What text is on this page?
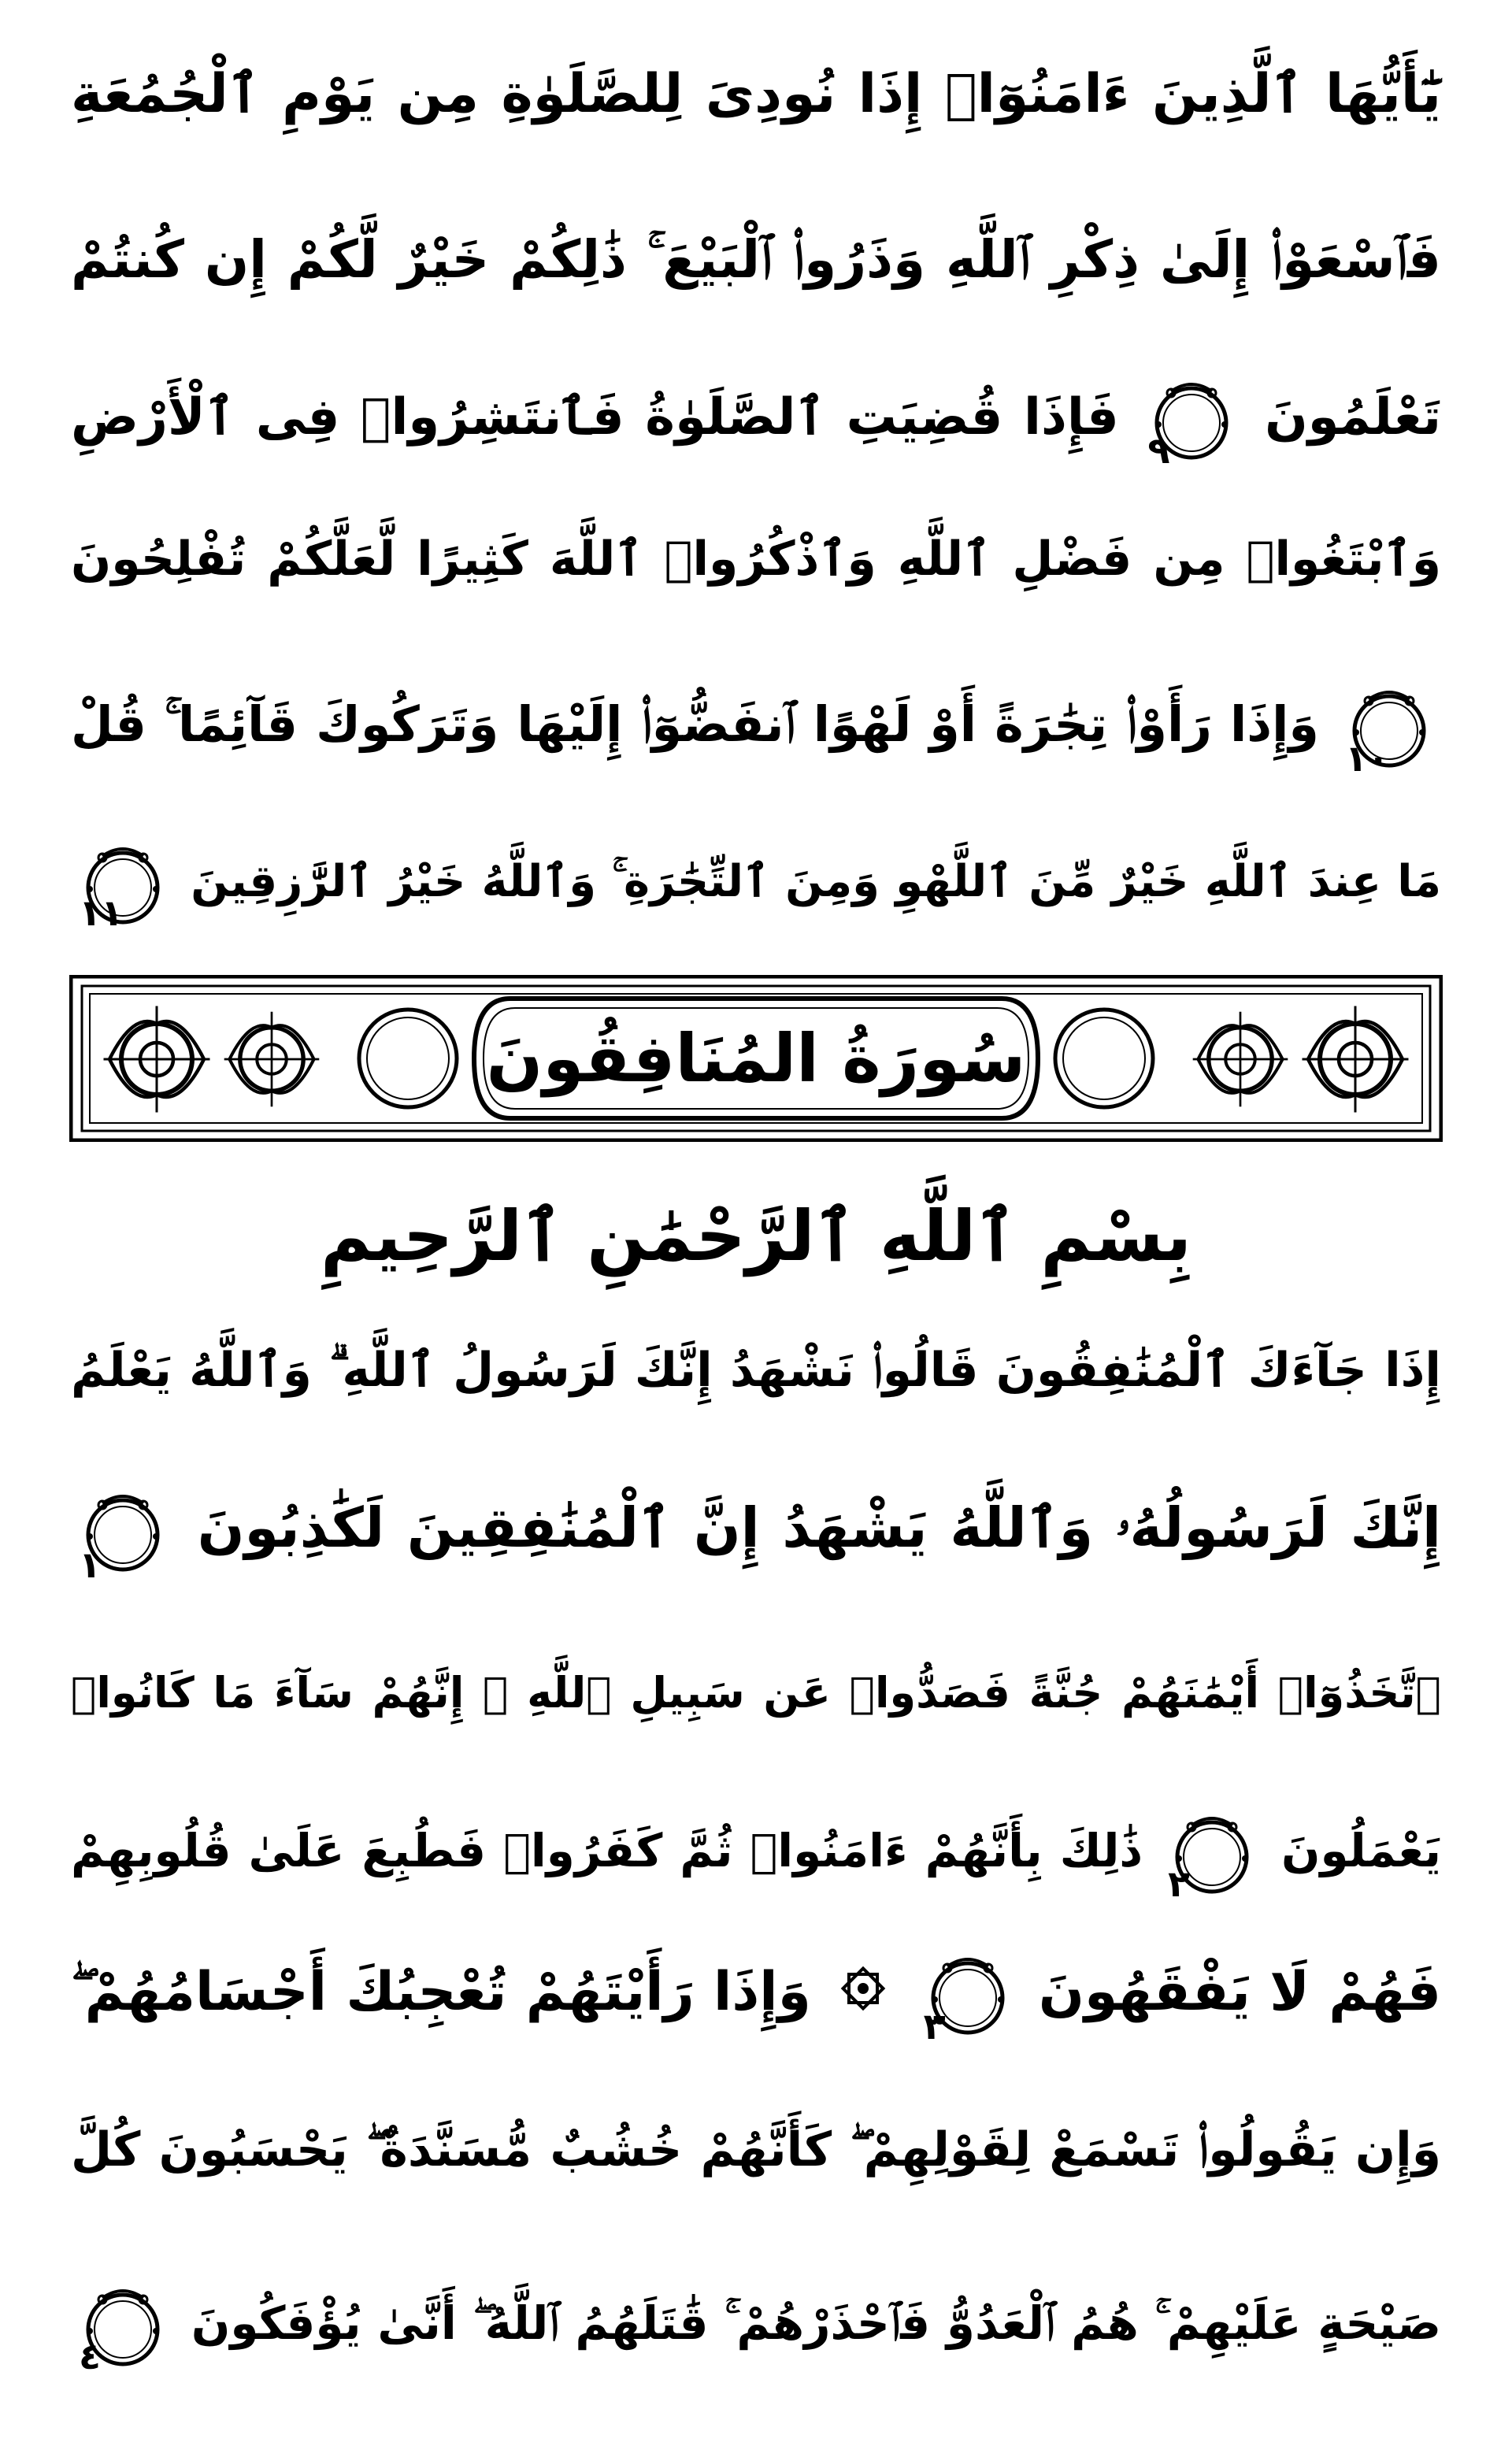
يَٰٓأَيُّهَا ٱلَّذِينَ ءَامَنُوٓا۟ إِذَا نُودِىَ لِلصَّلَوٰةِ مِن يَوْمِ ٱلْجُمُعَةِ
فَٱسْعَوْا۟ إِلَىٰ ذِكْرِ ٱللَّهِ وَذَرُوا۟ ٱلْبَيْعَ ۚ ذَٰلِكُمْ خَيْرٌ لَّكُمْ إِن كُنتُمْ
تَعْلَمُونَ
٩ فَإِذَا قُضِيَتِ ٱلصَّلَوٰةُ فَٱنتَشِرُوا۟ فِى ٱلْأَرْضِ
وَٱبْتَغُوا۟ مِن فَضْلِ ٱللَّهِ وَٱذْكُرُوا۟ ٱللَّهَ كَثِيرًا لَّعَلَّكُمْ تُفْلِحُونَ
١٠ وَإِذَا رَأَوْا۟ تِجَٰرَةً أَوْ لَهْوًا ٱنفَضُّوٓا۟ إِلَيْهَا وَتَرَكُوكَ قَآئِمًا ۚ قُلْ
مَا عِندَ ٱللَّهِ خَيْرٌ مِّنَ ٱللَّهْوِ وَمِنَ ٱلتِّجَٰرَةِ ۚ وَٱللَّهُ خَيْرُ ٱلرَّٰزِقِينَ
١١
سُورَةُ المُنَافِقُونَ
بِسْمِ ٱللَّهِ ٱلرَّحْمَٰنِ ٱلرَّحِيمِ
إِذَا جَآءَكَ ٱلْمُنَٰفِقُونَ قَالُوا۟ نَشْهَدُ إِنَّكَ لَرَسُولُ ٱللَّهِ ۗ وَٱللَّهُ يَعْلَمُ
إِنَّكَ لَرَسُولُهُۥ وَٱللَّهُ يَشْهَدُ إِنَّ ٱلْمُنَٰفِقِينَ لَكَٰذِبُونَ
١
ٱتَّخَذُوٓا۟ أَيْمَٰنَهُمْ جُنَّةً فَصَدُّوا۟ عَن سَبِيلِ ٱللَّهِ ۚ إِنَّهُمْ سَآءَ مَا كَانُوا۟
يَعْمَلُونَ
٢ ذَٰلِكَ بِأَنَّهُمْ ءَامَنُوا۟ ثُمَّ كَفَرُوا۟ فَطُبِعَ عَلَىٰ قُلُوبِهِمْ
فَهُمْ لَا يَفْقَهُونَ
٣  وَإِذَا رَأَيْتَهُمْ تُعْجِبُكَ أَجْسَامُهُمْ ۖ
وَإِن يَقُولُوا۟ تَسْمَعْ لِقَوْلِهِمْ ۖ كَأَنَّهُمْ خُشُبٌ مُّسَنَّدَةٌ ۖ يَحْسَبُونَ كُلَّ
صَيْحَةٍ عَلَيْهِمْ ۚ هُمُ ٱلْعَدُوُّ فَٱحْذَرْهُمْ ۚ قَٰتَلَهُمُ ٱللَّهُ ۖ أَنَّىٰ يُؤْفَكُونَ
٤
